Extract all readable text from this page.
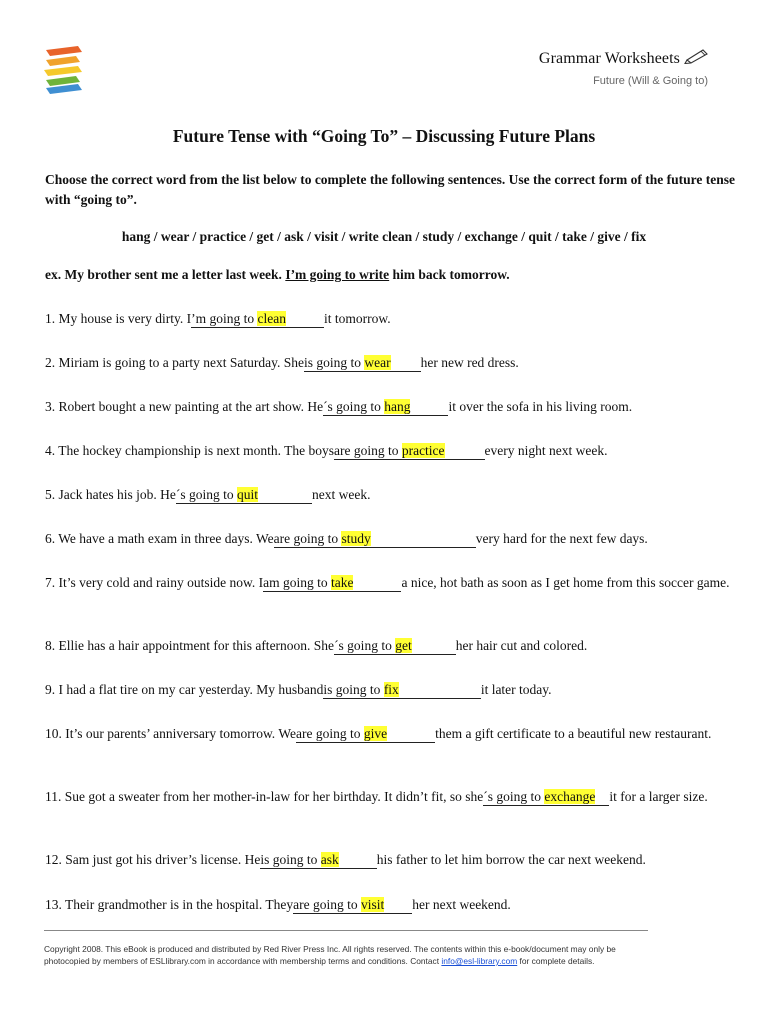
Grammar Worksheets
Future (Will & Going to)
Future Tense with “Going To” – Discussing Future Plans
Choose the correct word from the list below to complete the following sentences. Use the correct form of the future tense with “going to”.
hang / wear / practice / get / ask / visit / write clean / study / exchange / quit / take / give / fix
ex. My brother sent me a letter last week. I’m going to write him back tomorrow.
1. My house is very dirty. I’m going to clean	it tomorrow.
2. Miriam is going to a party next Saturday. Sheis going to wear her new red dress.
3. Robert bought a new painting at the art show. He´s going to hang	it over the sofa in his living room.
4. The hockey championship is next month. The boysare going to practice	every night next week.
5. Jack hates his job. He´s going to quit	next week.
6. We have a math exam in three days. Weare going to study	very hard for the next few days.
7. It’s very cold and rainy outside now. Iam going to take	a nice, hot bath as soon as I get home from this soccer game.
8. Ellie has a hair appointment for this afternoon. She´s going to get	her hair cut and colored.
9. I had a flat tire on my car yesterday. My husbandis going to fix	it later today.
10. It’s our parents’ anniversary tomorrow. Weare going to give	them a gift certificate to a beautiful new restaurant.
11. Sue got a sweater from her mother-in-law for her birthday. It didn’t fit, so she´s going to exchange it for a larger size.
12. Sam just got his driver’s license. Heis going to ask	his father to let him borrow the car next weekend.
13. Their grandmother is in the hospital. Theyare going to visit her next weekend.
Copyright 2008. This eBook is produced and distributed by Red River Press Inc. All rights reserved. The contents within this e-book/document may only be photocopied by members of ESLlibrary.com in accordance with membership terms and conditions. Contact info@esl-library.com for complete details.
